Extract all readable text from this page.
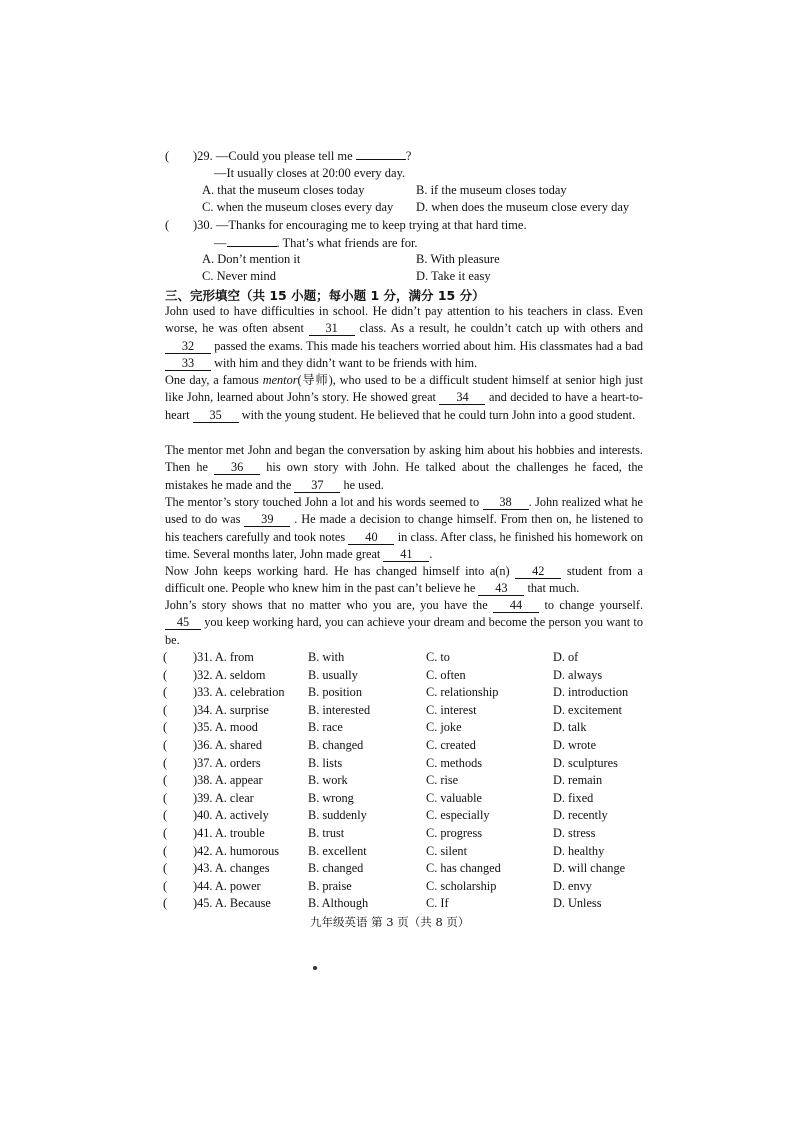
( )29. —Could you please tell me	?
—It usually closes at 20:00 every day.
A. that the museum closes today	B. if the museum closes today
C. when the museum closes every day D. when does the museum close every day
( )30. —Thanks for encouraging me to keep trying at that hard time.
—	. That’s what friends are for.
A. Don’t mention it	B. With pleasure
C. Never mind	D. Take it easy
三、完形填空（共 15 小题；每小题 1 分，满分 15 分）
John used to have difficulties in school. He didn’t pay attention to his teachers in class. Even worse, he was often absent 31 class. As a result, he couldn’t catch up with others and 32 passed the exams. This made his teachers worried about him. His classmates had a bad 33 with him and they didn’t want to be friends with him.
One day, a famous mentor(导师), who used to be a difficult student himself at senior high just like John, learned about John’s story. He showed great 34 and decided to have a heart-to-heart 35 with the young student. He believed that he could turn John into a good student.
The mentor met John and began the conversation by asking him about his hobbies and interests. Then he 36 his own story with John. He talked about the challenges he faced, the mistakes he made and the 37 he used.
The mentor’s story touched John a lot and his words seemed to 38 . John realized what he used to do was 39 . He made a decision to change himself. From then on, he listened to his teachers carefully and took notes 40 in class. After class, he finished his homework on time. Several months later, John made great 41 .
Now John keeps working hard. He has changed himself into a(n) 42 student from a difficult one. People who knew him in the past can’t believe he 43 that much.
John’s story shows that no matter who you are, you have the 44 to change yourself. 45 you keep working hard, you can achieve your dream and become the person you want to be.
( )31. A. from	B. with	C. to	D. of
( )32. A. seldom	B. usually	C. often	D. always
( )33. A. celebration B. position	C. relationship	D. introduction
( )34. A. surprise	B. interested	C. interest	D. excitement
( )35. A. mood	B. race	C. joke	D. talk
( )36. A. shared	B. changed	C. created	D. wrote
( )37. A. orders	B. lists	C. methods	D. sculptures
( )38. A. appear	B. work	C. rise	D. remain
( )39. A. clear	B. wrong	C. valuable	D. fixed
( )40. A. actively	B. suddenly	C. especially	D. recently
( )41. A. trouble	B. trust	C. progress	D. stress
( )42. A. humorous B. excellent	C. silent	D. healthy
( )43. A. changes	B. changed	C. has changed	D. will change
( )44. A. power	B. praise	C. scholarship	D. envy
( )45. A. Because	B. Although	C. If	D. Unless
九年级英语 第 3 页（共 8 页）
